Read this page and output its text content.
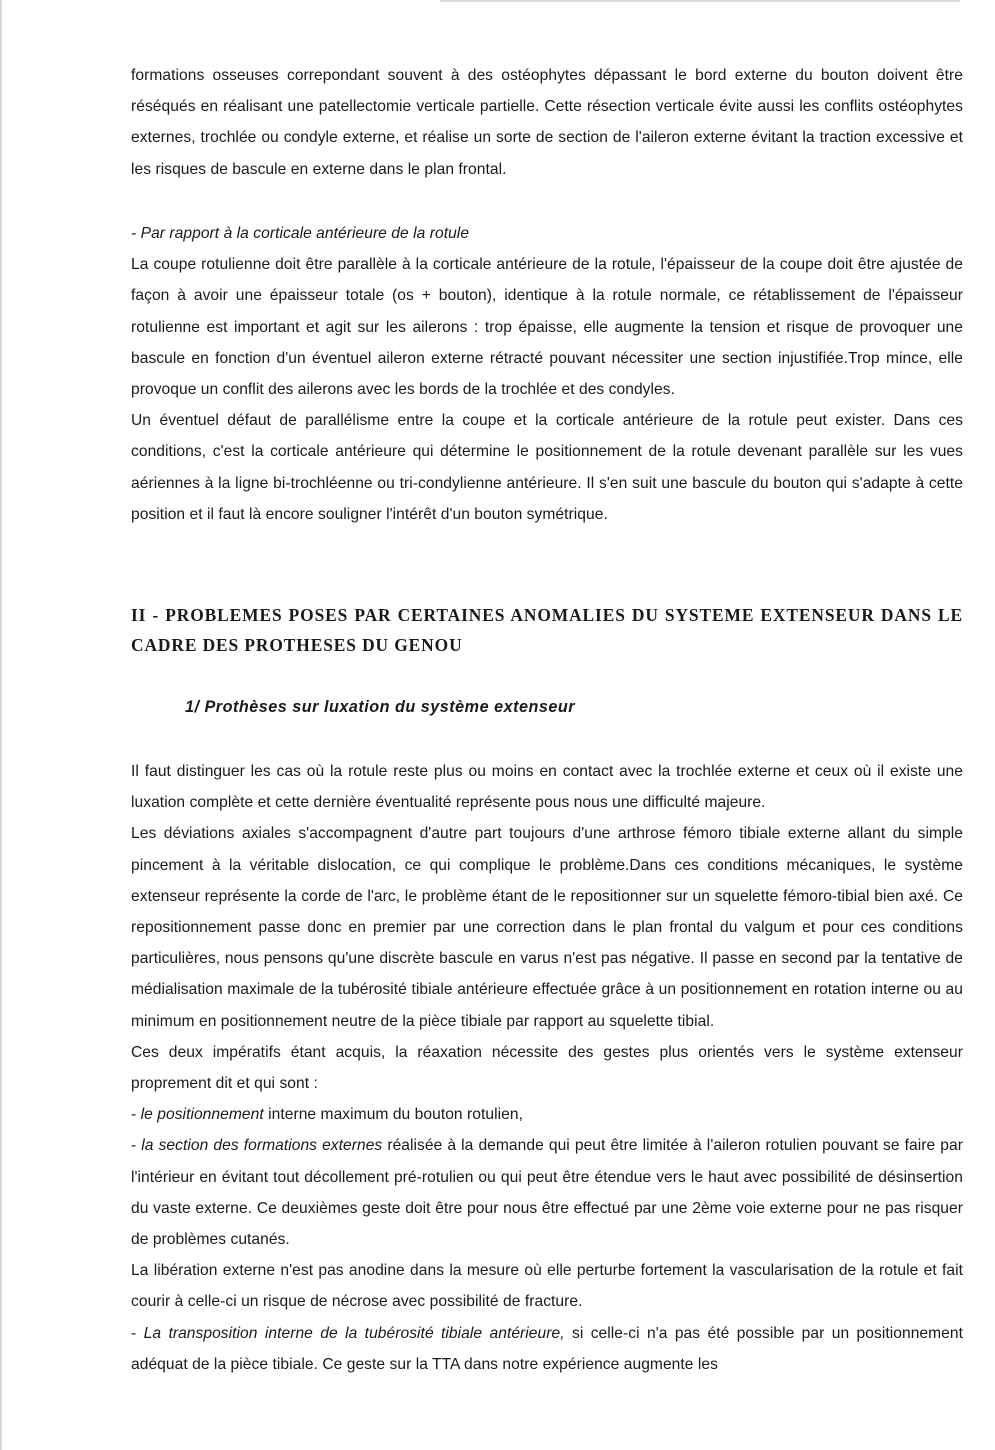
formations osseuses correpondant souvent à des ostéophytes dépassant le bord externe du bouton doivent être réséqués en réalisant une patellectomie verticale partielle. Cette résection verticale évite aussi les conflits ostéophytes externes, trochlée ou condyle externe, et réalise un sorte de section de l'aileron externe évitant la traction excessive et les risques de bascule en externe dans le plan frontal.

- Par rapport à la corticale antérieure de la rotule

La coupe rotulienne doit être parallèle à la corticale antérieure de la rotule, l'épaisseur de la coupe doit être ajustée de façon à avoir une épaisseur totale (os + bouton), identique à la rotule normale, ce rétablissement de l'épaisseur rotulienne est important et agit sur les ailerons : trop épaisse, elle augmente la tension et risque de provoquer une bascule en fonction d'un éventuel aileron externe rétracté pouvant nécessiter une section injustifiée.Trop mince, elle provoque un conflit des ailerons avec les bords de la trochlée et des condyles.

Un éventuel défaut de parallélisme entre la coupe et la corticale antérieure de la rotule peut exister. Dans ces conditions, c'est la corticale antérieure qui détermine le positionnement de la rotule devenant parallèle sur les vues aériennes à la ligne bi-trochléenne ou tri-condylienne antérieure. Il s'en suit une bascule du bouton qui s'adapte à cette position et il faut là encore souligner l'intérêt d'un bouton symétrique.

II - PROBLEMES POSES PAR CERTAINES ANOMALIES DU SYSTEME EXTENSEUR DANS LE CADRE DES PROTHESES DU GENOU
1/ Prothèses sur luxation du système extenseur

Il faut distinguer les cas où la rotule reste plus ou moins en contact avec la trochlée externe et ceux où il existe une luxation complète et cette dernière éventualité représente pous nous une difficulté majeure.

Les déviations axiales s'accompagnent d'autre part toujours d'une arthrose fémoro tibiale externe allant du simple pincement à la véritable dislocation, ce qui complique le problème.Dans ces conditions mécaniques, le système extenseur représente la corde de l'arc, le problème étant de le repositionner sur un squelette fémoro-tibial bien axé. Ce repositionnement passe donc en premier par une correction dans le plan frontal du valgum et pour ces conditions particulières, nous pensons qu'une discrète bascule en varus n'est pas négative. Il passe en second par la tentative de médialisation maximale de la tubérosité tibiale antérieure effectuée grâce à un positionnement en rotation interne ou au minimum en positionnement neutre de la pièce tibiale par rapport au squelette tibial.

Ces deux impératifs étant acquis, la réaxation nécessite des gestes plus orientés vers le système extenseur proprement dit et qui sont :

- le positionnement interne maximum du bouton rotulien,

- la section des formations externes réalisée à la demande qui peut être limitée à l'aileron rotulien pouvant se faire par l'intérieur en évitant tout décollement pré-rotulien ou qui peut être étendue vers le haut avec possibilité de désinsertion du vaste externe. Ce deuxièmes geste doit être pour nous être effectué par une 2ème voie externe pour ne pas risquer de problèmes cutanés.

La libération externe n'est pas anodine dans la mesure où elle perturbe fortement la vascularisation de la rotule et fait courir à celle-ci un risque de nécrose avec possibilité de fracture.

- La transposition interne de la tubérosité tibiale antérieure, si celle-ci n'a pas été possible par un positionnement adéquat de la pièce tibiale. Ce geste sur la TTA dans notre expérience augmente les
